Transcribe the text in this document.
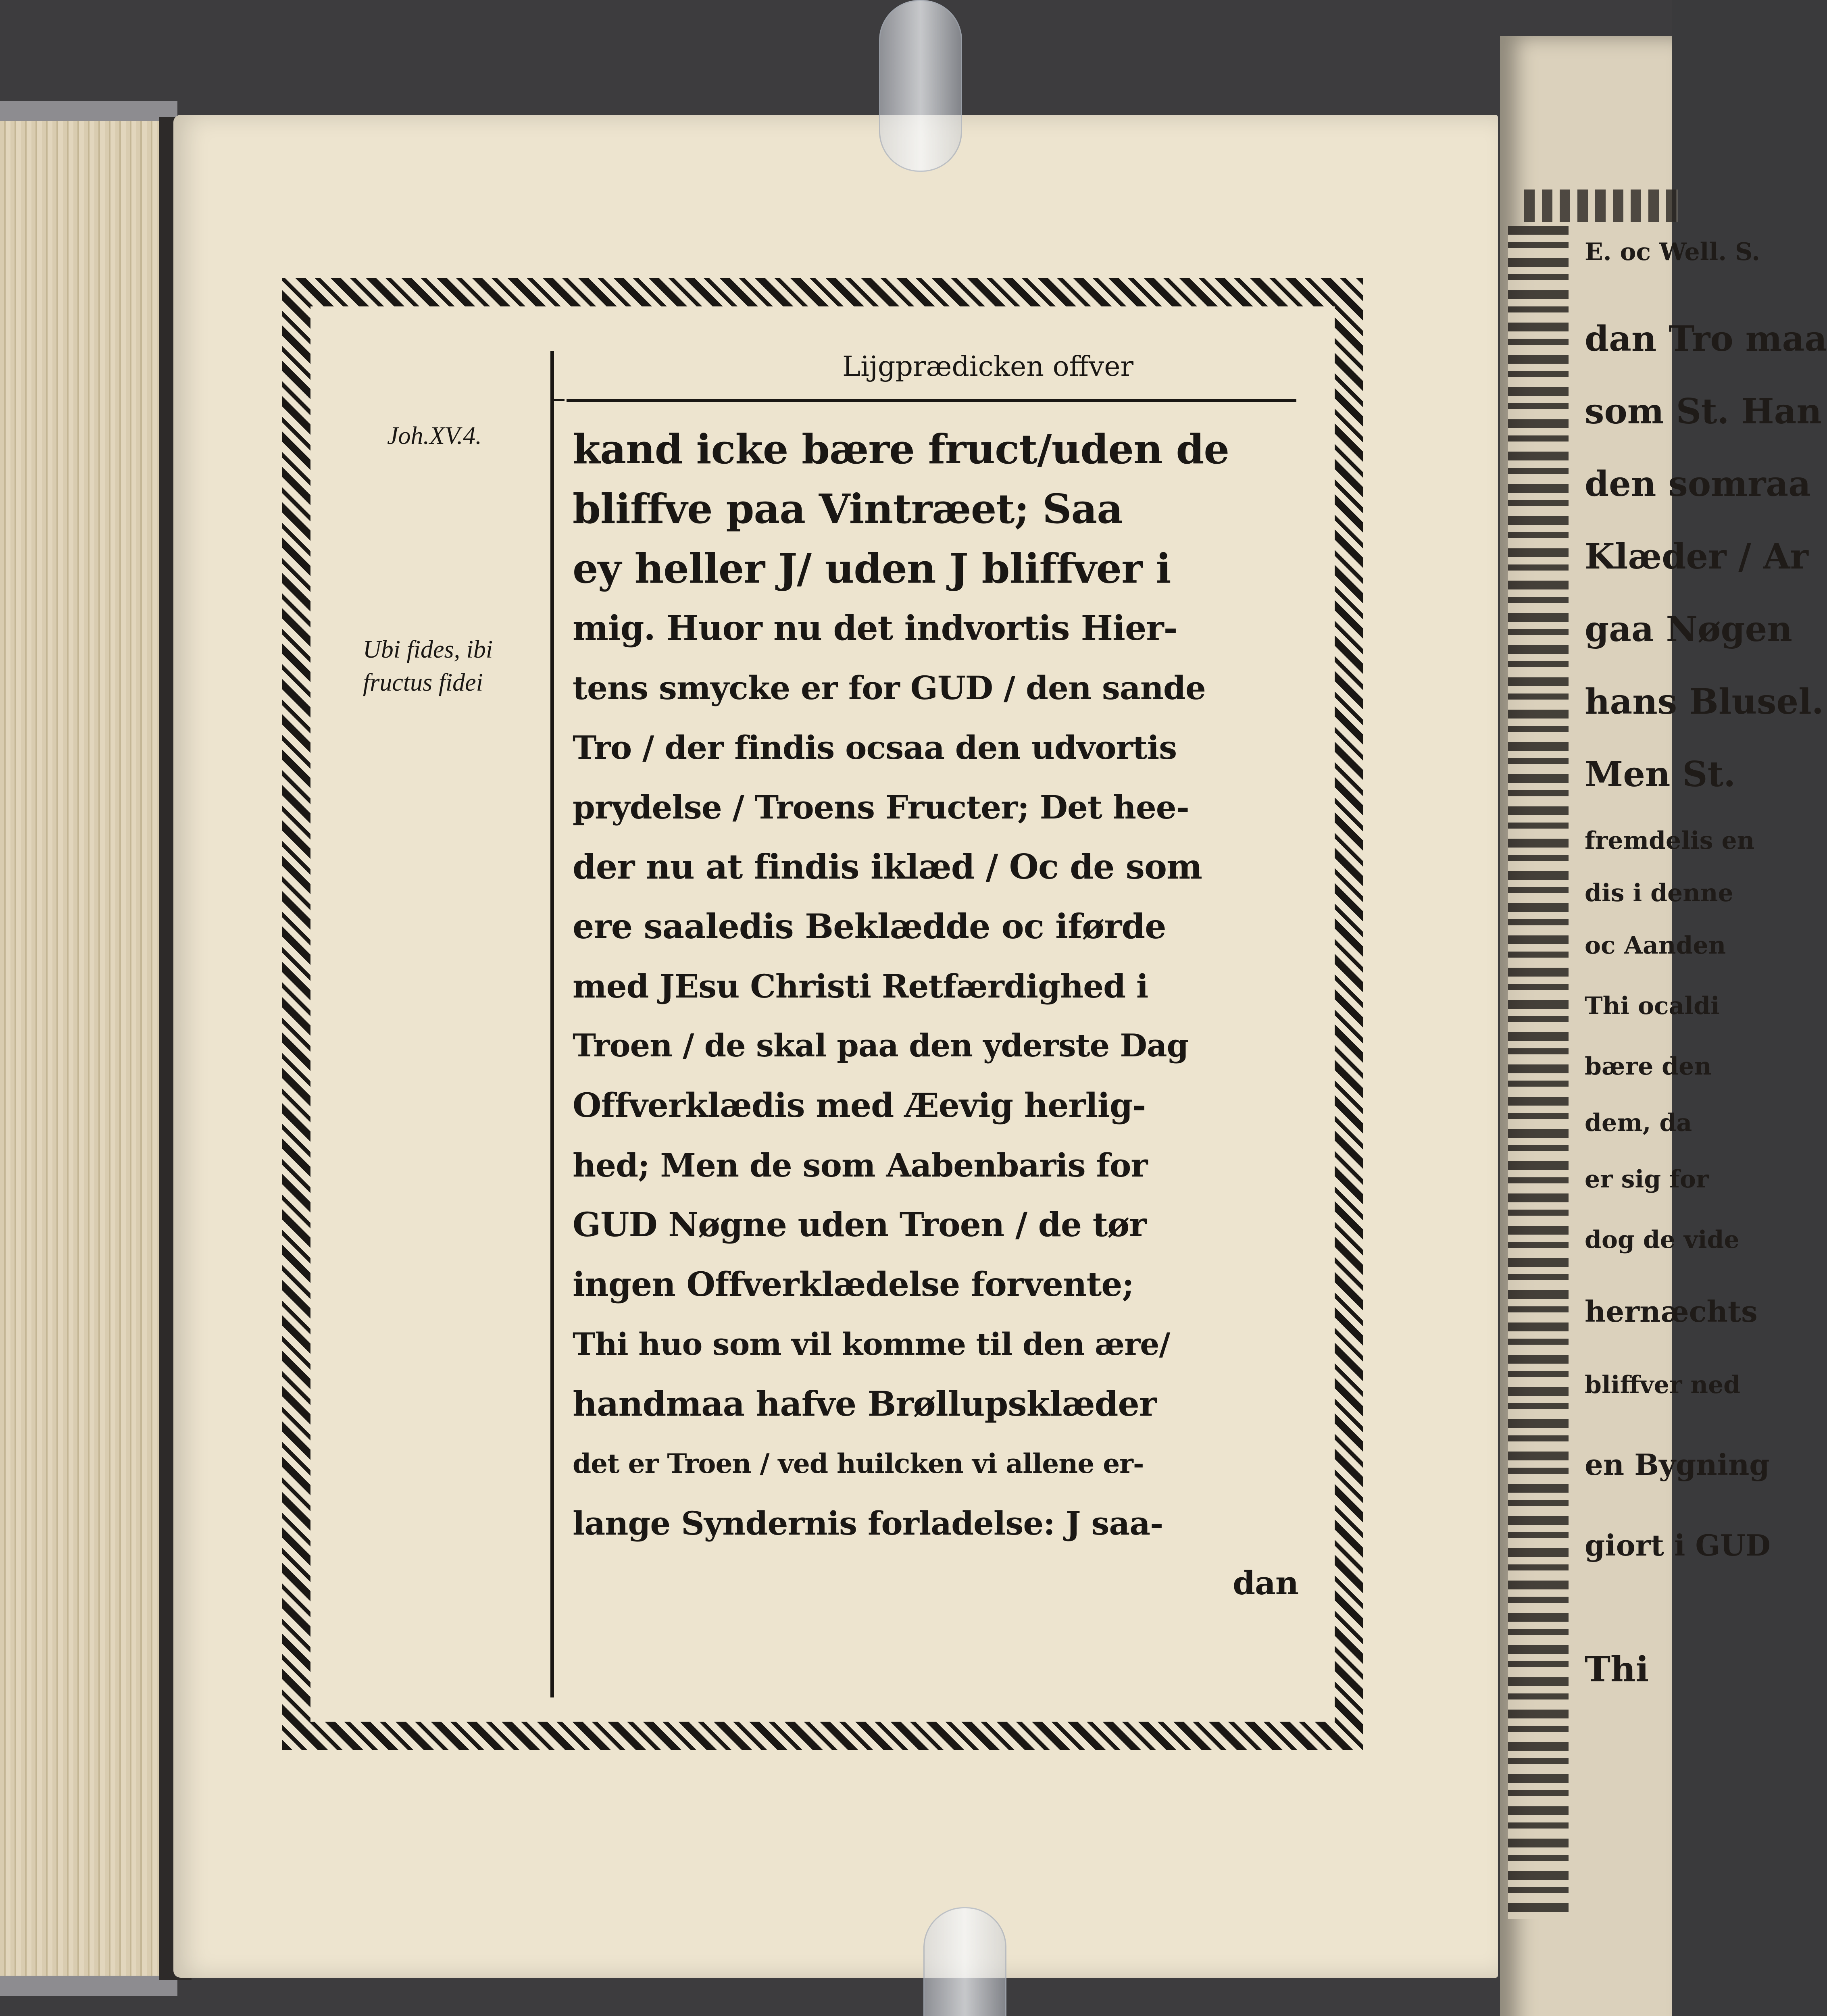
E. oc Well. S.
dan Tro maa
som St. Han
den somraa
Klæder / Ar
gaa Nøgen
hans Blusel.
Men St.
fremdelis en
dis i denne
oc Aanden
Thi ocaldi
bære den
dem, da
er sig for
dog de vide
hernæchts
bliffver ned
en Bygning
giort i GUD
Thi
Lijgprædicken offver
Joh.XV.4.
Ubi fides, ibi fructus fidei
kand icke bære fruct/uden de
bliffve paa Vintræet; Saa
ey heller J/ uden J bliffver i
mig. Huor nu det indvortis Hier-
tens smycke er for GUD / den sande
Tro / der findis ocsaa den udvortis
prydelse / Troens Fructer; Det hee-
der nu at findis iklæd / Oc de som
ere saaledis Beklædde oc iførde
med JEsu Christi Retfærdighed i
Troen / de skal paa den yderste Dag
Offverklædis med Æevig herlig-
hed; Men de som Aabenbaris for
GUD Nøgne uden Troen / de tør
ingen Offverklædelse forvente;
Thi huo som vil komme til den ære/
handmaa hafve Brøllupsklæder
det er Troen / ved huilcken vi allene er-
lange Syndernis forladelse: J saa-
dan
